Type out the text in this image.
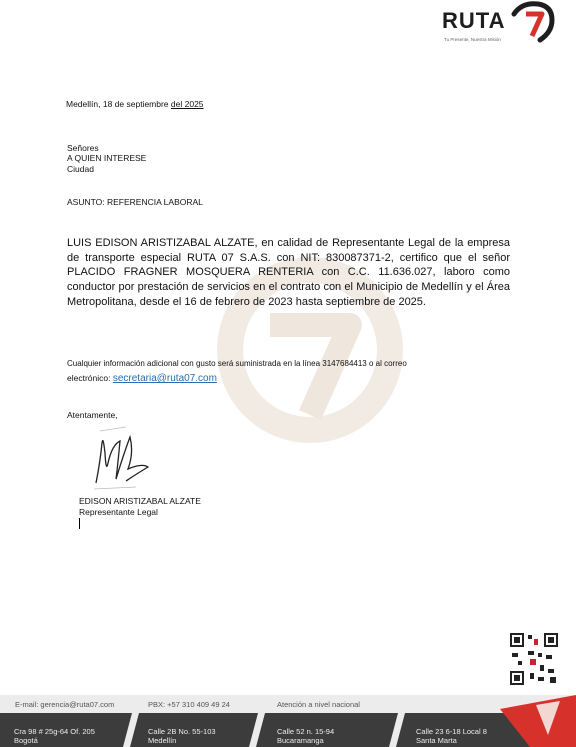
RUTA
Tu Presente, Nuestra Misión
Medellín, 18 de septiembre del 2025
Señores
A QUIEN INTERESE
Ciudad
ASUNTO: REFERENCIA LABORAL
LUIS EDISON ARISTIZABAL ALZATE, en calidad de Representante Legal de la empresa de transporte especial RUTA 07 S.A.S. con NIT: 830087371-2, certifico que el señor PLACIDO FRAGNER MOSQUERA RENTERIA con C.C. 11.636.027, laboro como conductor por prestación de servicios en el contrato con el Municipio de Medellín y el Área Metropolitana, desde el 16 de febrero de 2023 hasta septiembre de 2025.
Cualquier información adicional con gusto será suministrada en la línea 3147684413 o al correo
electrónico: secretaria@ruta07.com
Atentamente,
EDISON ARISTIZABAL ALZATE
Representante Legal
E-mail: gerencia@ruta07.com	PBX: +57 310 409 49 24	Atención a nivel nacional
Cra 98 # 25g-64 Of. 205
Bogotá
Calle 2B No. 55-103
Medellín
Calle 52 n. 15-94
Bucaramanga
Calle 23 6-18 Local 8
Santa Marta
